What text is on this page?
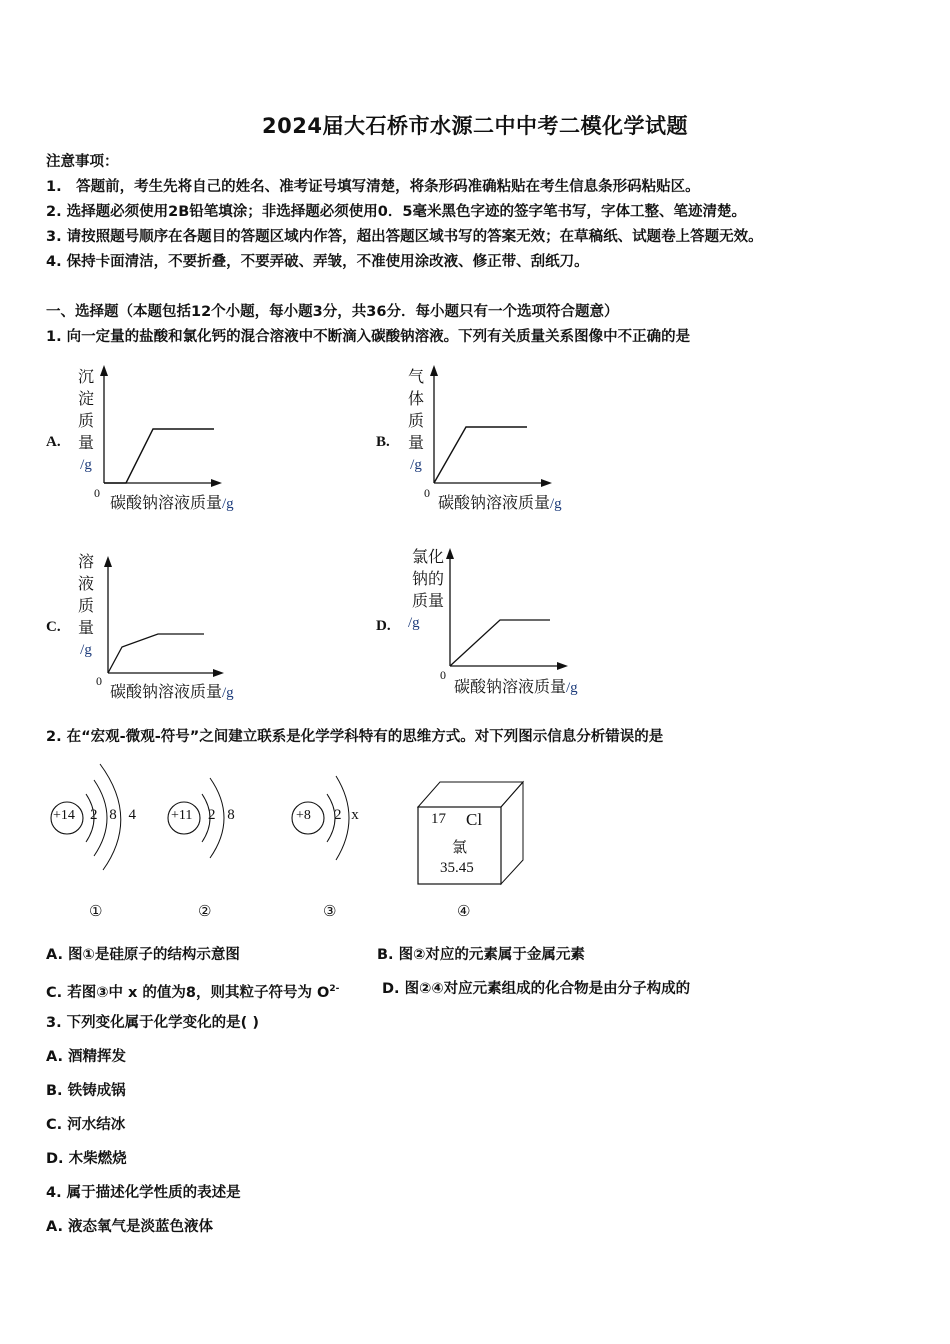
2024届大石桥市水源二中中考二模化学试题
注意事项：
1.　答题前，考生先将自己的姓名、准考证号填写清楚，将条形码准确粘贴在考生信息条形码粘贴区。
2. 选择题必须使用2B铅笔填涂；非选择题必须使用0．5毫米黑色字迹的签字笔书写，字体工整、笔迹清楚。
3. 请按照题号顺序在各题目的答题区域内作答，超出答题区域书写的答案无效；在草稿纸、试题卷上答题无效。
4. 保持卡面清洁，不要折叠，不要弄破、弄皱，不准使用涂改液、修正带、刮纸刀。
一、选择题（本题包括12个小题，每小题3分，共36分．每小题只有一个选项符合题意）
1. 向一定量的盐酸和氯化钙的混合溶液中不断滴入碳酸钠溶液。下列有关质量关系图像中不正确的是
A.
沉
淀
质
量
/g
0 碳酸钠溶液质量/g
B.
气
体
质
量
/g
0 碳酸钠溶液质量/g
C.
溶
液
质
量
/g
0
碳酸钠溶液质量/g
D.
氯化
钠的
质量
/g
0
碳酸钠溶液质量/g
2. 在“宏观-微观-符号”之间建立联系是化学学科特有的思维方式。对下列图示信息分析错误的是
+14 2 8 4 +11 2 8	+8 2 x	17 Cl
氯
35.45
①	②	③	④
A. 图①是硅原子的结构示意图	B. 图②对应的元素属于金属元素
C. 若图③中 x 的值为8，则其粒子符号为 $O^{2-}$	D. 图②④对应元素组成的化合物是由分子构成的
3. 下列变化属于化学变化的是( )
A. 酒精挥发
B. 铁铸成锅
C. 河水结冰
D. 木柴燃烧
4. 属于描述化学性质的表述是
A. 液态氧气是淡蓝色液体
